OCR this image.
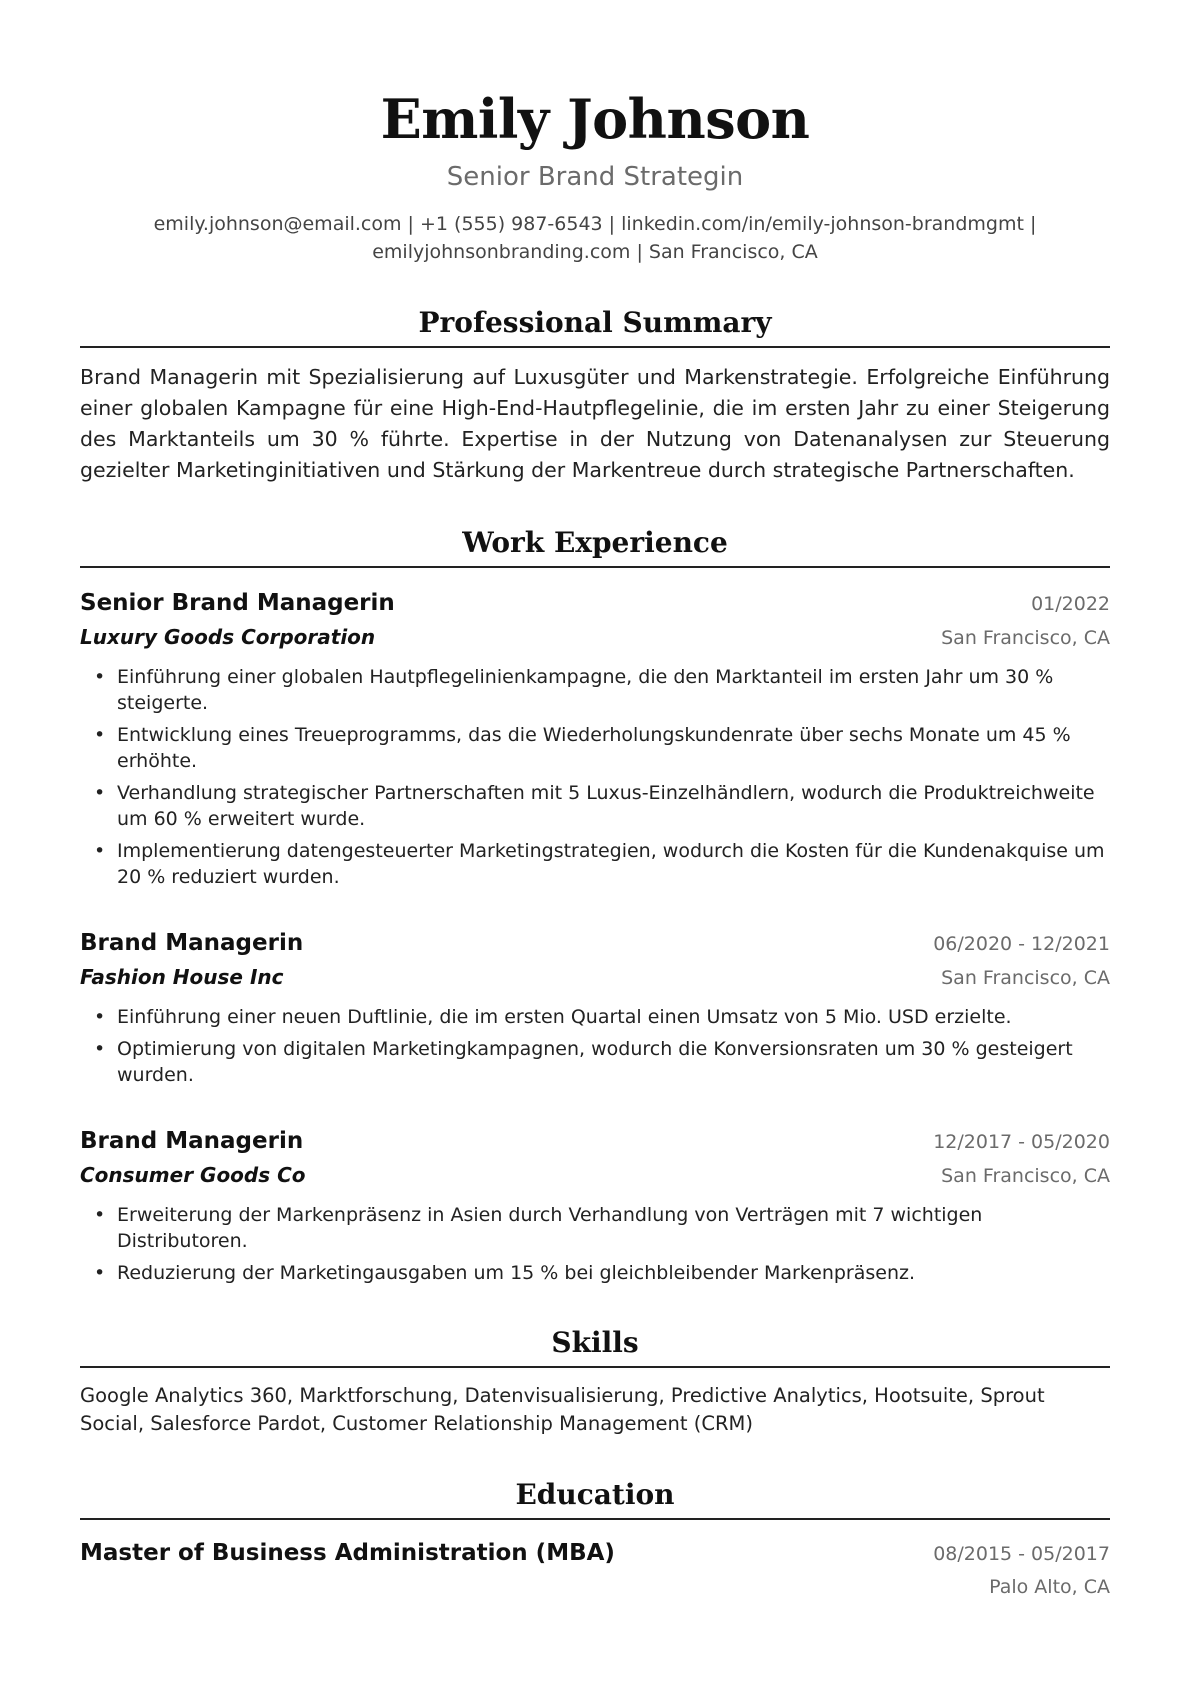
Emily Johnson
Senior Brand Strategin
emily.johnson@email.com | +1 (555) 987-6543 | linkedin.com/in/emily-johnson-brandmgmt |
emilyjohnsonbranding.com | San Francisco, CA
Professional Summary
Brand Managerin mit Spezialisierung auf Luxusgüter und Markenstrategie. Erfolgreiche Einführung einer globalen Kampagne für eine High-End-Hautpflegelinie, die im ersten Jahr zu einer Steigerung des Marktanteils um 30 % führte. Expertise in der Nutzung von Datenanalysen zur Steuerung gezielter Marketinginitiativen und Stärkung der Markentreue durch strategische Partnerschaften.
Work Experience
Senior Brand Managerin	01/2022
Luxury Goods Corporation	San Francisco, CA
• Einführung einer globalen Hautpflegelinienkampagne, die den Marktanteil im ersten Jahr um 30 % steigerte.
• Entwicklung eines Treueprogramms, das die Wiederholungskundenrate über sechs Monate um 45 % erhöhte.
• Verhandlung strategischer Partnerschaften mit 5 Luxus-Einzelhändlern, wodurch die Produktreichweite um 60 % erweitert wurde.
• Implementierung datengesteuerter Marketingstrategien, wodurch die Kosten für die Kundenakquise um 20 % reduziert wurden.
Brand Managerin	06/2020 - 12/2021
Fashion House Inc	San Francisco, CA
• Einführung einer neuen Duftlinie, die im ersten Quartal einen Umsatz von 5 Mio. USD erzielte.
• Optimierung von digitalen Marketingkampagnen, wodurch die Konversionsraten um 30 % gesteigert wurden.
Brand Managerin	12/2017 - 05/2020
Consumer Goods Co	San Francisco, CA
• Erweiterung der Markenpräsenz in Asien durch Verhandlung von Verträgen mit 7 wichtigen Distributoren.
• Reduzierung der Marketingausgaben um 15 % bei gleichbleibender Markenpräsenz.
Skills
Google Analytics 360, Marktforschung, Datenvisualisierung, Predictive Analytics, Hootsuite, Sprout Social, Salesforce Pardot, Customer Relationship Management (CRM)
Education
Master of Business Administration (MBA)	08/2015 - 05/2017
Palo Alto, CA
